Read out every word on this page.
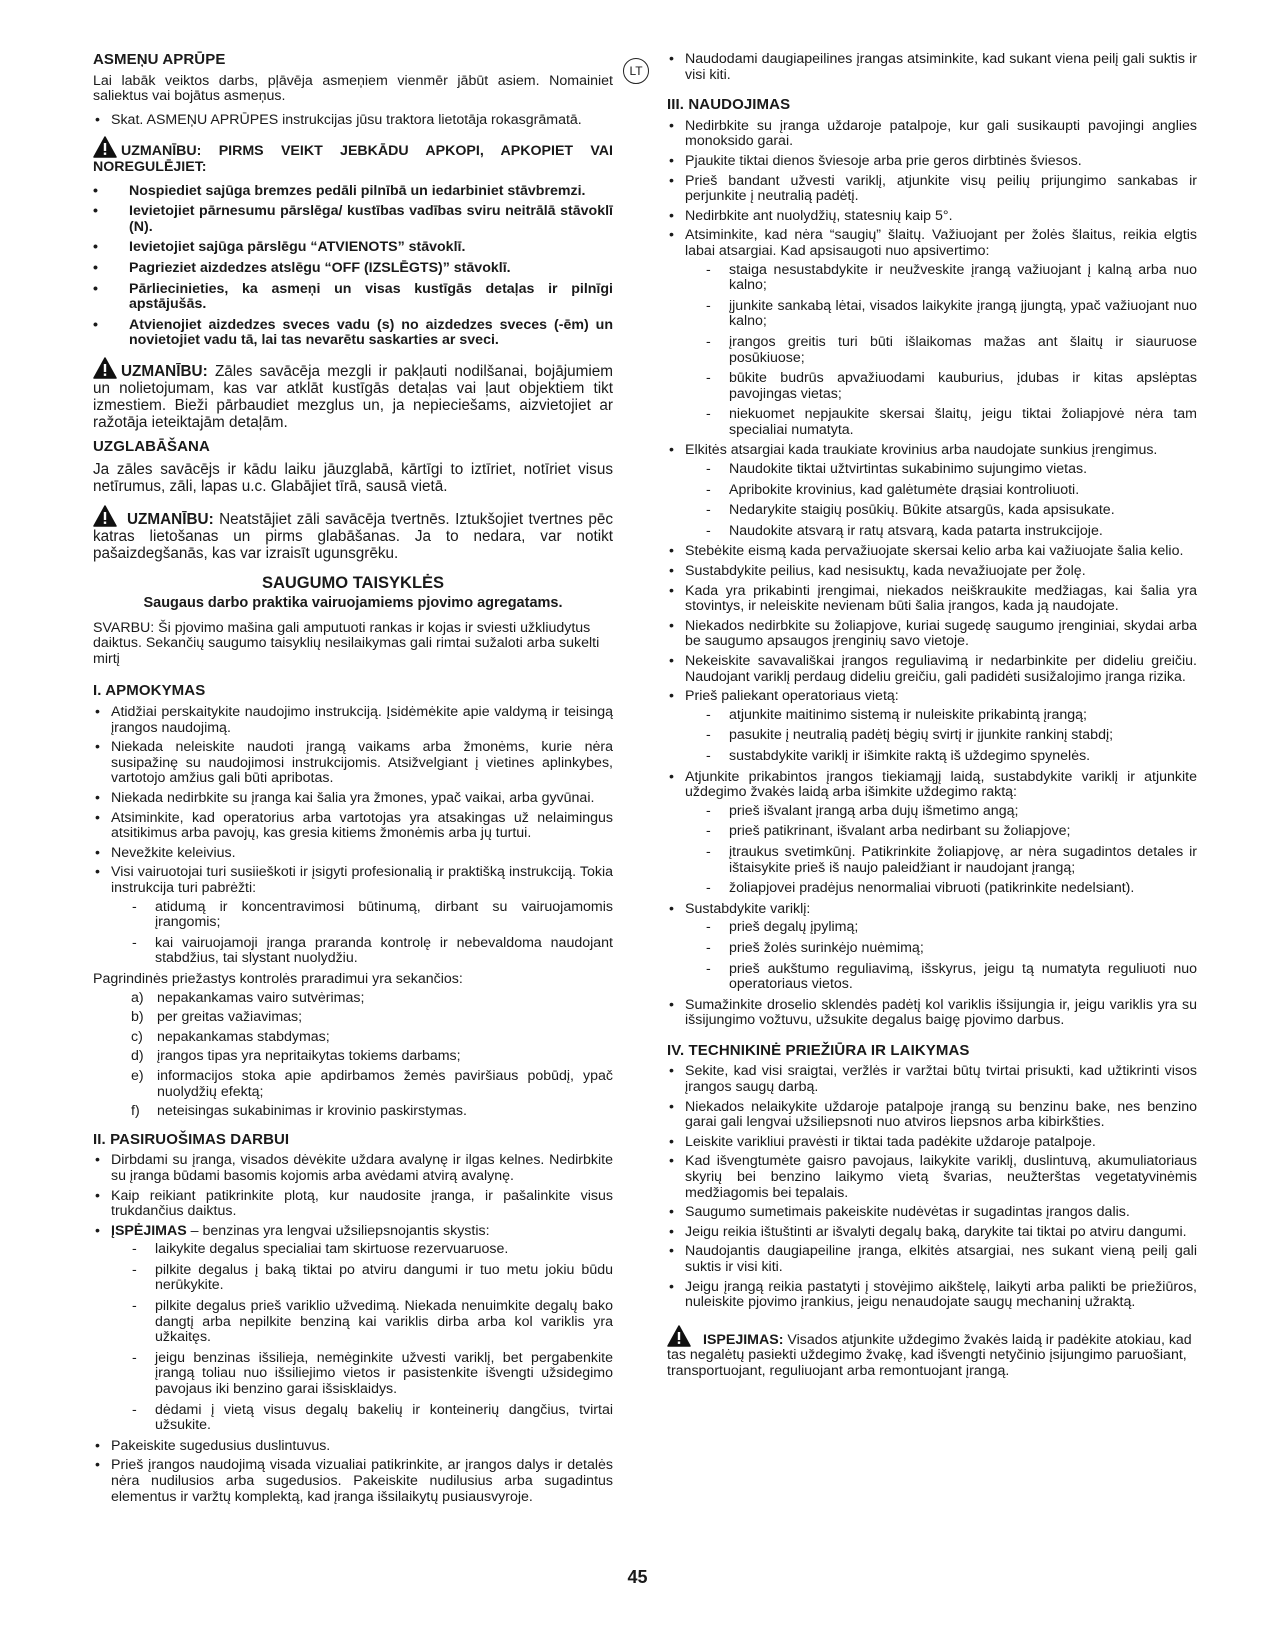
LT
ASMEŅU APRŪPE

Lai labāk veiktos darbs, pļāvēja asmeņiem vienmēr jābūt asiem. Nomainiet saliektus vai bojātus asmeņus.

• Skat. ASMEŅU APRŪPES instrukcijas jūsu traktora lietotāja rokasgrāmatā.

UZMANĪBU: PIRMS VEIKT JEBKĀDU APKOPI, APKOPIET VAI NOREGULĒJIET:

• Nospiediet sajūga bremzes pedāli pilnībā un iedarbiniet stāvbremzi.
• Ievietojiet pārnesumu pārslēga/ kustības vadības sviru neitrālā stāvoklī (N).
• Ievietojiet sajūga pārslēgu “ATVIENOTS” stāvoklī.
• Pagrieziet aizdedzes atslēgu “OFF (IZSLĒGTS)” stāvoklī.
• Pārliecinieties, ka asmeņi un visas kustīgās detaļas ir pilnīgi apstājušās.
• Atvienojiet aizdedzes sveces vadu (s) no aizdedzes sveces (-ēm) un novietojiet vadu tā, lai tas nevarētu saskarties ar sveci.

UZMANĪBU: Zāles savācēja mezgli ir pakļauti nodilšanai, bojājumiem un nolietojumam, kas var atklāt kustīgās detaļas vai ļaut objektiem tikt izmestiem. Bieži pārbaudiet mezglus un, ja nepieciešams, aizvietojiet ar ražotāja ieteiktajām detaļām.

UZGLABĀŠANA

Ja zāles savācējs ir kādu laiku jāuzglabā, kārtīgi to iztīriet, notīriet visus netīrumus, zāli, lapas u.c. Glabājiet tīrā, sausā vietā.

UZMANĪBU: Neatstājiet zāli savācēja tvertnēs. Iztukšojiet tvertnes pēc katras lietošanas un pirms glabāšanas. Ja to nedara, var notikt pašaizdegšanās, kas var izraisīt ugunsgrēku.

SAUGUMO TAISYKLĖS
Saugaus darbo praktika vairuojamiems pjovimo agregatams.

SVARBU: Ši pjovimo mašina gali amputuoti rankas ir kojas ir sviesti užkliudytus daiktus. Sekančių saugumo taisyklių nesilaikymas gali rimtai sužaloti arba sukelti mirtį

I. APMOKYMAS
• Atidžiai perskaitykite naudojimo instrukciją. Įsidėmėkite apie valdymą ir teisingą įrangos naudojimą.
• Niekada neleiskite naudoti įrangą vaikams arba žmonėms, kurie nėra susipažinę su naudojimosi instrukcijomis. Atsižvelgiant į vietines aplinkybes, vartotojo amžius gali būti apribotas.
• Niekada nedirbkite su įranga kai šalia yra žmones, ypač vaikai, arba gyvūnai.
• Atsiminkite, kad operatorius arba vartotojas yra atsakingas už nelaimingus atsitikimus arba pavojų, kas gresia kitiems žmonėmis arba jų turtui.
• Nevežkite keleivius.
• Visi vairuotojai turi susiieškoti ir įsigyti profesionalią ir praktišką instrukciją. Tokia instrukcija turi pabrėžti:
- atidumą ir koncentravimosi būtinumą, dirbant su vairuojamomis įrangomis;
- kai vairuojamoji įranga praranda kontrolę ir nebevaldoma naudojant stabdžius, tai slystant nuolydžiu.

Pagrindinės priežastys kontrolės praradimui yra sekančios:

a) nepakankamas vairo sutvėrimas;
b) per greitas važiavimas;
c) nepakankamas stabdymas;
d) įrangos tipas yra nepritaikytas tokiems darbams;
e) informacijos stoka apie apdirbamos žemės paviršiaus pobūdį, ypač nuolydžių efektą;
f) neteisingas sukabinimas ir krovinio paskirstymas.
II. PASIRUOŠIMAS DARBUI
• Dirbdami su įranga, visados dėvėkite uždara avalynę ir ilgas kelnes. Nedirbkite su įranga būdami basomis kojomis arba avėdami atvirą avalynę.
• Kaip reikiant patikrinkite plotą, kur naudosite įranga, ir pašalinkite visus trukdančius daiktus.
• ĮSPĖJIMAS – benzinas yra lengvai užsiliepsnojantis skystis:
- laikykite degalus specialiai tam skirtuose rezervuaruose.
- pilkite degalus į baką tiktai po atviru dangumi ir tuo metu jokiu būdu nerūkykite.
- pilkite degalus prieš variklio užvedimą. Niekada nenuimkite degalų bako dangtį arba nepilkite benziną kai variklis dirba arba kol variklis yra užkaitęs.
- jeigu benzinas išsilieja, nemėginkite užvesti variklį, bet pergabenkite įrangą toliau nuo išsiliejimo vietos ir pasistenkite išvengti užsidegimo pavojaus iki benzino garai išsisklaidys.
- dėdami į vietą visus degalų bakelių ir konteinerių dangčius, tvirtai užsukite.
• Pakeiskite sugedusius duslintuvus.
• Prieš įrangos naudojimą visada vizualiai patikrinkite, ar įrangos dalys ir detalės nėra nudilusios arba sugedusios. Pakeiskite nudilusius arba sugadintus elementus ir varžtų komplektą, kad įranga išsilaikytų pusiausvyroje.
• Naudodami daugiapeilines įrangas atsiminkite, kad sukant viena peilį gali suktis ir visi kiti.
III. NAUDOJIMAS
• Nedirbkite su įranga uždaroje patalpoje, kur gali susikaupti pavojingi anglies monoksido garai.
• Pjaukite tiktai dienos šviesoje arba prie geros dirbtinės šviesos.
• Prieš bandant užvesti variklį, atjunkite visų peilių prijungimo sankabas ir perjunkite į neutralią padėtį.
• Nedirbkite ant nuolydžių, statesnių kaip 5°.
• Atsiminkite, kad nėra “saugių” šlaitų. Važiuojant per žolės šlaitus, reikia elgtis labai atsargiai. Kad apsisaugoti nuo apsivertimo:
- staiga nesustabdykite ir neužveskite įrangą važiuojant į kalną arba nuo kalno;
- įjunkite sankabą lėtai, visados laikykite įrangą įjungtą, ypač važiuojant nuo kalno;
- įrangos greitis turi būti išlaikomas mažas ant šlaitų ir siauruose posūkiuose;
- būkite budrūs apvažiuodami kauburius, įdubas ir kitas apslėptas pavojingas vietas;
- niekuomet nepjaukite skersai šlaitų, jeigu tiktai žoliapjovė nėra tam specialiai numatyta.
• Elkitės atsargiai kada traukiate krovinius arba naudojate sunkius įrengimus.
- Naudokite tiktai užtvirtintas sukabinimo sujungimo vietas.
- Apribokite krovinius, kad galėtumėte drąsiai kontroliuoti.
- Nedarykite staigių posūkių. Būkite atsargūs, kada apsisukate.
- Naudokite atsvarą ir ratų atsvarą, kada patarta instrukcijoje.
• Stebėkite eismą kada pervažiuojate skersai kelio arba kai važiuojate šalia kelio.
• Sustabdykite peilius, kad nesisuktų, kada nevažiuojate per žolę.
• Kada yra prikabinti įrengimai, niekados neiškraukite medžiagas, kai šalia yra stovintys, ir neleiskite nevienam būti šalia įrangos, kada ją naudojate.
• Niekados nedirbkite su žoliapjove, kuriai sugedę saugumo įrenginiai, skydai arba be saugumo apsaugos įrenginių savo vietoje.
• Nekeiskite savavališkai įrangos reguliavimą ir nedarbinkite per dideliu greičiu. Naudojant variklį perdaug dideliu greičiu, gali padidėti susižalojimo įranga rizika.
• Prieš paliekant operatoriaus vietą:
- atjunkite maitinimo sistemą ir nuleiskite prikabintą įrangą;
- pasukite į neutralią padėtį bėgių svirtį ir įjunkite rankinį stabdį;
- sustabdykite variklį ir išimkite raktą iš uždegimo spynelės.
• Atjunkite prikabintos įrangos tiekiamąjį laidą, sustabdykite variklį ir atjunkite uždegimo žvakės laidą arba išimkite uždegimo raktą:
- prieš išvalant įrangą arba dujų išmetimo angą;
- prieš patikrinant, išvalant arba nedirbant su žoliapjove;
- įtraukus svetimkūnį. Patikrinkite žoliapjovę, ar nėra sugadintos detales ir ištaisykite prieš iš naujo paleidžiant ir naudojant įrangą;
- žoliapjovei pradėjus nenormaliai vibruoti (patikrinkite nedelsiant).
• Sustabdykite variklį:
- prieš degalų įpylimą;
- prieš žolės surinkėjo nuėmimą;
- prieš aukštumo reguliavimą, išskyrus, jeigu tą numatyta reguliuoti nuo operatoriaus vietos.
• Sumažinkite droselio sklendės padėtį kol variklis išsijungia ir, jeigu variklis yra su išsijungimo vožtuvu, užsukite degalus baigę pjovimo darbus.
IV. TECHNIKINĖ PRIEŽIŪRA IR LAIKYMAS
• Sekite, kad visi sraigtai, veržlės ir varžtai būtų tvirtai prisukti, kad užtikrinti visos įrangos saugų darbą.
• Niekados nelaikykite uždaroje patalpoje įrangą su benzinu bake, nes benzino garai gali lengvai užsiliepsnoti nuo atviros liepsnos arba kibirkšties.
• Leiskite varikliui pravėsti ir tiktai tada padėkite uždaroje patalpoje.
• Kad išvengtumėte gaisro pavojaus, laikykite variklį, duslintuvą, akumuliatoriaus skyrių bei benzino laikymo vietą švarias, neužterštas vegetatyvinėmis medžiagomis bei tepalais.
• Saugumo sumetimais pakeiskite nudėvėtas ir sugadintas įrangos dalis.
• Jeigu reikia ištuštinti ar išvalyti degalų baką, darykite tai tiktai po atviru dangumi.
• Naudojantis daugiapeiline įranga, elkitės atsargiai, nes sukant vieną peilį gali suktis ir visi kiti.
• Jeigu įrangą reikia pastatyti į stovėjimo aikštelę, laikyti arba palikti be priežiūros, nuleiskite pjovimo įrankius, jeigu nenaudojate saugų mechaninį užraktą.

ISPEJIMAS: Visados atjunkite uždegimo žvakės laidą ir padėkite atokiau, kad tas negalėtų pasiekti uždegimo žvakę, kad išvengti netyčinio įsijungimo paruošiant, transportuojant, reguliuojant arba remontuojant įrangą.

45
